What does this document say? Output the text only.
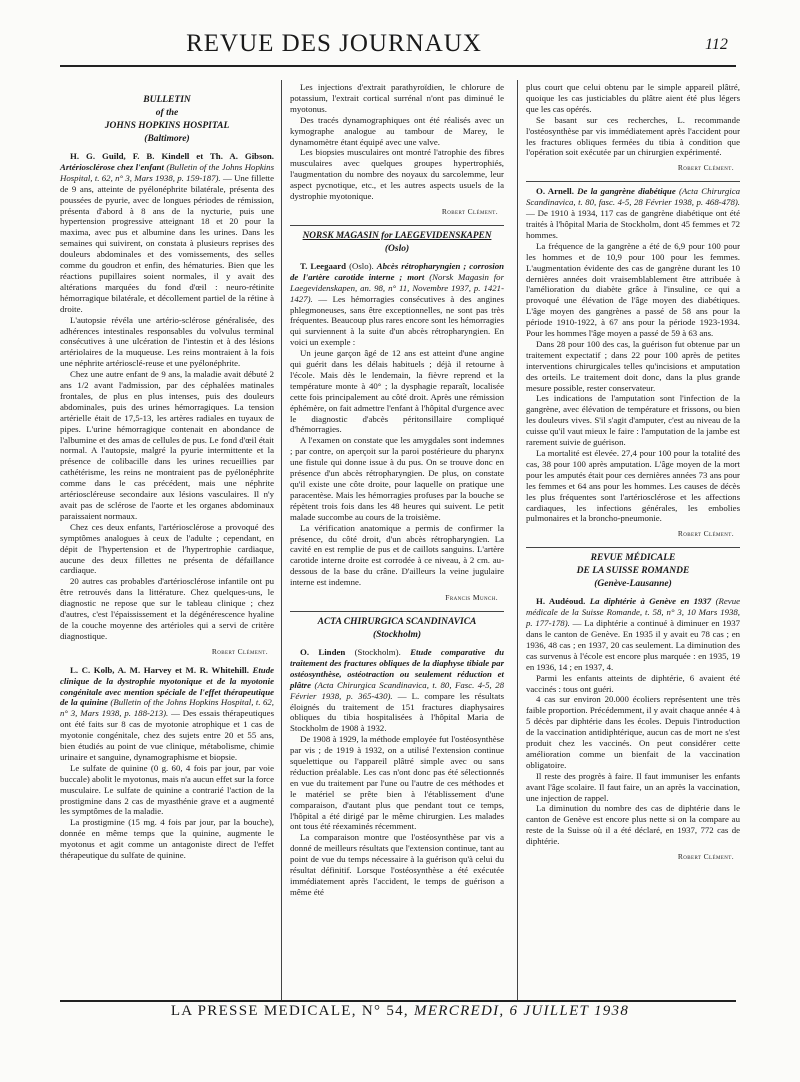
REVUE DES JOURNAUX	112
BULLETIN
of the
JOHNS HOPKINS HOSPITAL
(Baltimore)

H. G. Guild, F. B. Kindell et Th. A. Gibson. Artériosclérose chez l'enfant (Bulletin of the Johns Hopkins Hospital, t. 62, n° 3, Mars 1938, p. 159-187). — Une fillette de 9 ans, atteinte de pyélonéphrite bilatérale, présenta des poussées de pyurie, avec de longues périodes de rémission, présenta d'abord à 8 ans de la nycturie, puis une hypertension progressive atteignant 18 et 20 pour la maxima, avec pus et albumine dans les urines. Dans les semaines qui suivirent, on constata à plusieurs reprises des douleurs abdominales et des vomissements, des selles comme du goudron et enfin, des hématuries. Bien que les réactions pupillaires soient normales, il y avait des altérations marquées du fond d'œil : neuro-rétinite hémorragique bilatérale, et décollement partiel de la rétine à droite.

L'autopsie révéla une artério-sclérose généralisée, des adhérences intestinales responsables du volvulus terminal consécutives à une ulcération de l'intestin et à des lésions artériolaires de la muqueuse. Les reins montraient à la fois une néphrite artériosclé-reuse et une pyélonéphrite.

Chez une autre enfant de 9 ans, la maladie avait débuté 2 ans 1/2 avant l'admission, par des céphalées matinales frontales, de plus en plus intenses, puis des douleurs abdominales, puis des urines hémorragiques. La tension artérielle était de 17,5-13, les artères radiales en tuyaux de pipes. L'urine hémorragique contenait en abondance de l'albumine et des amas de cellules de pus. Le fond d'œil était normal. A l'autopsie, malgré la pyurie intermittente et la présence de colibacille dans les urines recueillies par cathétérisme, les reins ne montraient pas de pyélonéphrite comme dans le cas précédent, mais une néphrite artérioscléreuse secondaire aux lésions vasculaires. Il n'y avait pas de sclérose de l'aorte et les organes abdominaux paraissaient normaux.

Chez ces deux enfants, l'artériosclérose a provoqué des symptômes analogues à ceux de l'adulte ; cependant, en dépit de l'hypertension et de l'hypertrophie cardiaque, aucune des deux fillettes ne présenta de défaillance cardiaque.

20 autres cas probables d'artériosclérose infantile ont pu être retrouvés dans la littérature. Chez quelques-uns, le diagnostic ne repose que sur le tableau clinique ; chez d'autres, c'est l'épaississement et la dégénérescence hyaline de la couche moyenne des artérioles qui a servi de critère diagnostique.

Robert Clément.

L. C. Kolb, A. M. Harvey et M. R. Whitehill. Etude clinique de la dystrophie myotonique et de la myotonie congénitale avec mention spéciale de l'effet thérapeutique de la quinine (Bulletin of the Johns Hopkins Hospital, t. 62, n° 3, Mars 1938, p. 188-213). — Des essais thérapeutiques ont été faits sur 8 cas de myotonie atrophique et 1 cas de myotonie congénitale, chez des sujets entre 20 et 55 ans, bien étudiés au point de vue clinique, métabolisme, chimie urinaire et sanguine, dynamographisme et biopsie.

Le sulfate de quinine (0 g. 60, 4 fois par jour, par voie buccale) abolit le myotonus, mais n'a aucun effet sur la force musculaire. Le sulfate de quinine a contrarié l'action de la prostigmine dans 2 cas de myasthénie grave et a augmenté les symptômes de la maladie.

La prostigmine (15 mg. 4 fois par jour, par la bouche), donnée en même temps que la quinine, augmente le myotonus et agit comme un antagoniste direct de l'effet thérapeutique du sulfate de quinine.

Les injections d'extrait parathyroïdien, le chlorure de potassium, l'extrait cortical surrénal n'ont pas diminué le myotonus.

Des tracés dynamographiques ont été réalisés avec un kymographe analogue au tambour de Marey, le dynamomètre étant équipé avec une valve.

Les biopsies musculaires ont montré l'atrophie des fibres musculaires avec quelques groupes hypertrophiés, l'augmentation du nombre des noyaux du sarcolemme, leur aspect pycnotique, etc., et les autres aspects usuels de la dystrophie myotonique.

Robert Clément.
NORSK MAGASIN for LAEGEVIDENSKAPEN
(Oslo)

T. Leegaard (Oslo). Abcès rétropharyngien ; corrosion de l'artère carotide interne ; mort (Norsk Magasin for Laegevidenskapen, an. 98, n° 11, Novembre 1937, p. 1421-1427). — Les hémorragies consécutives à des angines phlegmoneuses, sans être exceptionnelles, ne sont pas très fréquentes. Beaucoup plus rares encore sont les hémorragies qui surviennent à la suite d'un abcès rétropharyngien. En voici un exemple :

Un jeune garçon âgé de 12 ans est atteint d'une angine qui guérit dans les délais habituels ; déjà il retourne à l'école. Mais dès le lendemain, la fièvre reprend et la température monte à 40° ; la dysphagie reparaît, localisée cette fois principalement au côté droit. Après une rémission éphémère, on fait admettre l'enfant à l'hôpital d'urgence avec le diagnostic d'abcès péritonsillaire compliqué d'hémorragies.

A l'examen on constate que les amygdales sont indemnes ; par contre, on aperçoit sur la paroi postérieure du pharynx une fistule qui donne issue à du pus. On se trouve donc en présence d'un abcès rétropharyngien. De plus, on constate qu'il existe une côte droite, pour laquelle on pratique une paracentèse. Mais les hémorragies profuses par la bouche se répètent trois fois dans les 48 heures qui suivent. Le petit malade succombe au cours de la troisième.

La vérification anatomique a permis de confirmer la présence, du côté droit, d'un abcès rétropharyngien. La cavité en est remplie de pus et de caillots sanguins. L'artère carotide interne droite est corrodée à ce niveau, à 2 cm. au-dessous de la base du crâne. D'ailleurs la veine jugulaire interne est indemne.

Francis Munch.
ACTA CHIRURGICA SCANDINAVICA
(Stockholm)

O. Linden (Stockholm). Etude comparative du traitement des fractures obliques de la diaphyse tibiale par ostéosynthèse, ostéotraction ou seulement réduction et plâtre (Acta Chirurgica Scandinavica, t. 80, Fasc. 4-5, 28 Février 1938, p. 365-430). — L. compare les résultats éloignés du traitement de 151 fractures diaphysaires obliques du tibia hospitalisées à l'hôpital Maria de Stockholm de 1908 à 1932.

De 1908 à 1929, la méthode employée fut l'ostéosynthèse par vis ; de 1919 à 1932, on a utilisé l'extension continue squelettique ou l'appareil plâtré simple avec ou sans réduction préalable. Les cas n'ont donc pas été sélectionnés en vue du traitement par l'une ou l'autre de ces méthodes et le matériel se prête bien à l'établissement d'une comparaison, d'autant plus que pendant tout ce temps, l'hôpital a été dirigé par le même chirurgien. Les malades ont tous été réexaminés récemment.

La comparaison montre que l'ostéosynthèse par vis a donné de meilleurs résultats que l'extension continue, tant au point de vue du temps nécessaire à la guérison qu'à celui du résultat définitif. Lorsque l'ostéosynthèse a été exécutée immédiatement après l'accident, le temps de guérison a même été

plus court que celui obtenu par le simple appareil plâtré, quoique les cas justiciables du plâtre aient été plus légers que les cas opérés.

Se basant sur ces recherches, L. recommande l'ostéosynthèse par vis immédiatement après l'accident pour les fractures obliques fermées du tibia à condition que l'opération soit exécutée par un chirurgien expérimenté.

Robert Clément.

O. Arnell. De la gangrène diabétique (Acta Chirurgica Scandinavica, t. 80, fasc. 4-5, 28 Février 1938, p. 468-478). — De 1910 à 1934, 117 cas de gangrène diabétique ont été traités à l'hôpital Maria de Stockholm, dont 45 femmes et 72 hommes.

La fréquence de la gangrène a été de 6,9 pour 100 pour les hommes et de 10,9 pour 100 pour les femmes. L'augmentation évidente des cas de gangrène durant les 10 dernières années doit vraisemblablement être attribuée à l'amélioration du diabète grâce à l'insuline, ce qui a provoqué une élévation de l'âge moyen des diabétiques. L'âge moyen des gangrènes a passé de 58 ans pour la période 1910-1922, à 67 ans pour la période 1923-1934. Pour les hommes l'âge moyen a passé de 59 à 63 ans.

Dans 28 pour 100 des cas, la guérison fut obtenue par un traitement expectatif ; dans 22 pour 100 après de petites interventions chirurgicales telles qu'incisions et amputation des orteils. Le traitement doit donc, dans la plus grande mesure possible, rester conservateur.

Les indications de l'amputation sont l'infection de la gangrène, avec élévation de température et frissons, ou bien les douleurs vives. S'il s'agit d'amputer, c'est au niveau de la cuisse qu'il vaut mieux le faire : l'amputation de la jambe est rarement suivie de guérison.

La mortalité est élevée. 27,4 pour 100 pour la totalité des cas, 38 pour 100 après amputation. L'âge moyen de la mort pour les amputés était pour ces dernières années 73 ans pour les femmes et 64 ans pour les hommes. Les causes de décès les plus fréquentes sont l'artériosclérose et les affections cardiaques, les infections générales, les embolies pulmonaires et la broncho-pneumonie.

Robert Clément.
REVUE MÉDICALE
DE LA SUISSE ROMANDE
(Genève-Lausanne)

H. Audéoud. La diphtérie à Genève en 1937 (Revue médicale de la Suisse Romande, t. 58, n° 3, 10 Mars 1938, p. 177-178). — La diphtérie a continué à diminuer en 1937 dans le canton de Genève. En 1935 il y avait eu 78 cas ; en 1936, 48 cas ; en 1937, 20 cas seulement. La diminution des cas survenus à l'école est encore plus marquée : en 1935, 19 en 1936, 14 ; en 1937, 4.

Parmi les enfants atteints de diphtérie, 6 avaient été vaccinés : tous ont guéri.

4 cas sur environ 20.000 écoliers représentent une très faible proportion. Précédemment, il y avait chaque année 4 à 5 décès par diphtérie dans les écoles. Depuis l'introduction de la vaccination antidiphtérique, aucun cas de mort ne s'est produit chez les vaccinés. On peut considérer cette amélioration comme un bienfait de la vaccination obligatoire.

Il reste des progrès à faire. Il faut immuniser les enfants avant l'âge scolaire. Il faut faire, un an après la vaccination, une injection de rappel.

La diminution du nombre des cas de diphtérie dans le canton de Genève est encore plus nette si on la compare au reste de la Suisse où il a été déclaré, en 1937, 772 cas de diphtérie.

Robert Clément.
LA PRESSE MEDICALE, N° 54, MERCREDI, 6 JUILLET 1938
